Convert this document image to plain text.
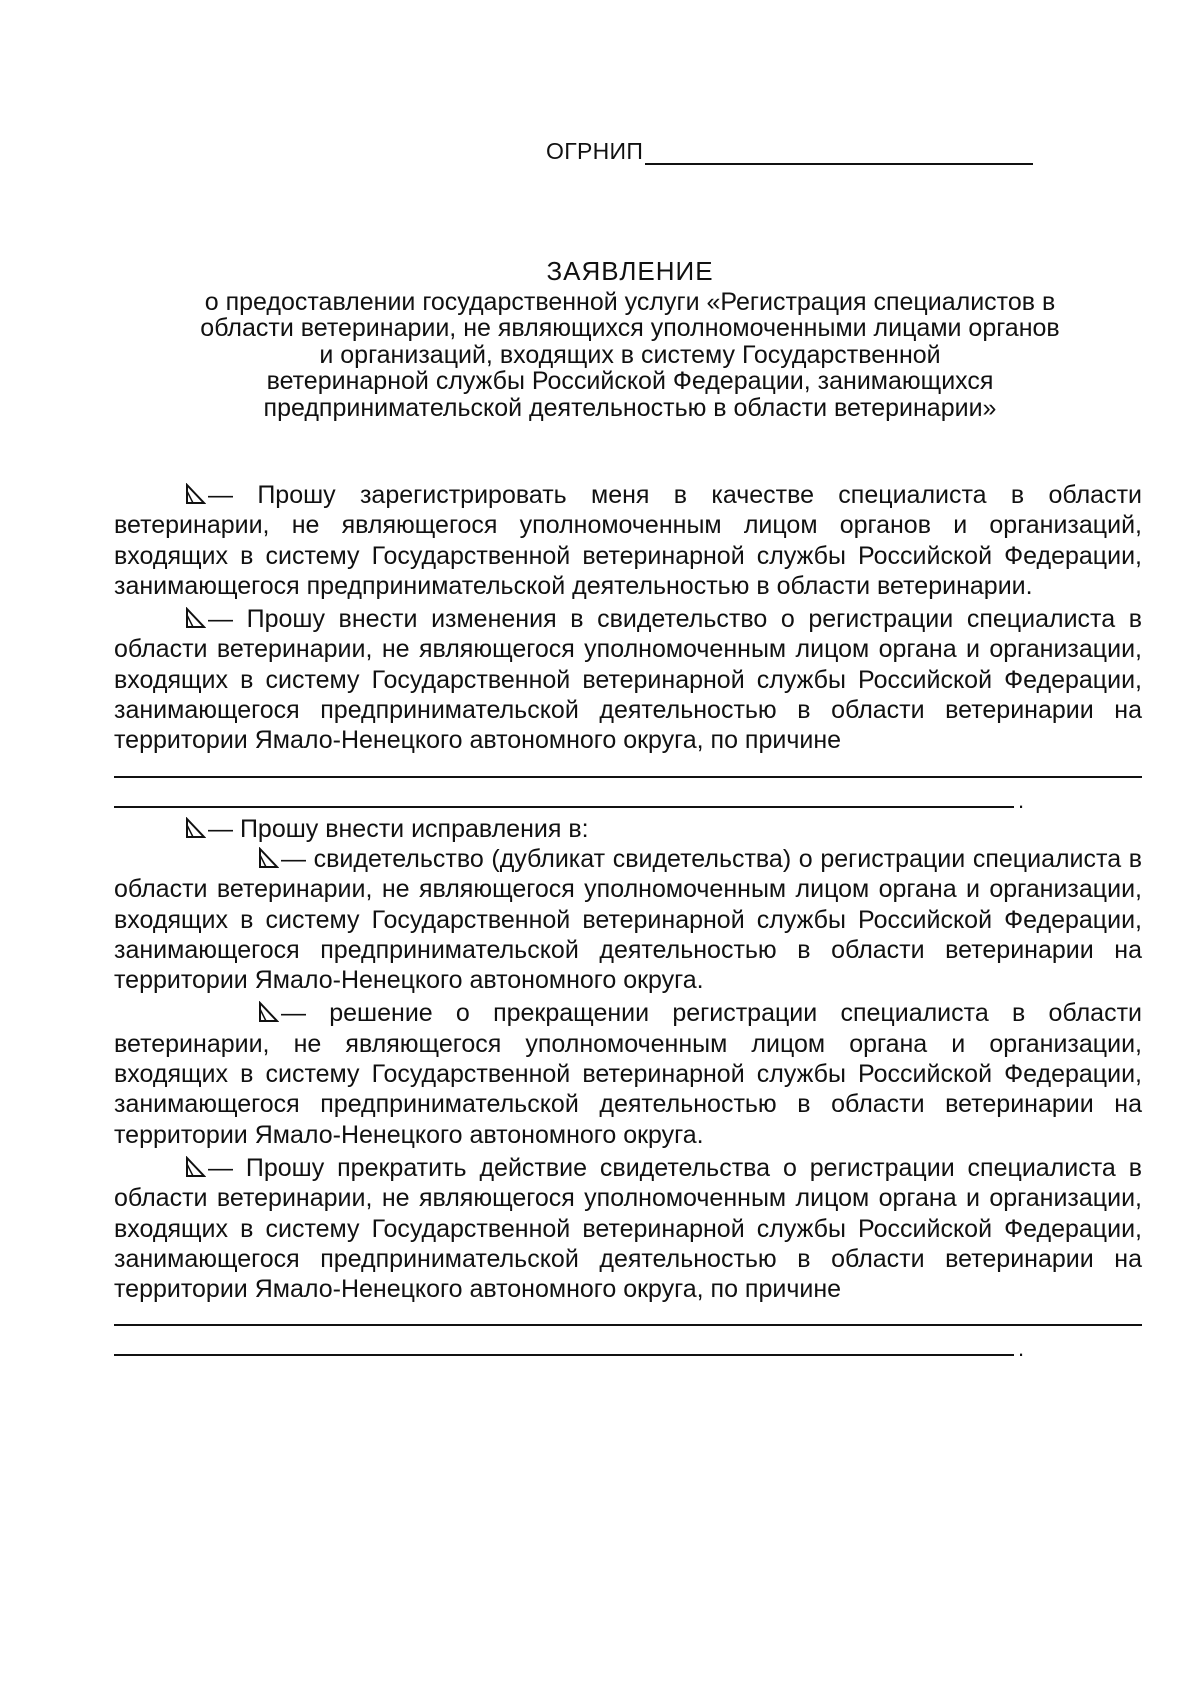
ОГРНИП
ЗАЯВЛЕНИЕ
о предоставлении государственной услуги «Регистрация специалистов в
области ветеринарии, не являющихся уполномоченными лицами органов
и организаций, входящих в систему Государственной
ветеринарной службы Российской Федерации, занимающихся
предпринимательской деятельностью в области ветеринарии»

— Прошу зарегистрировать меня в качестве специалиста в области ветеринарии, не являющегося уполномоченным лицом органов и организаций, входящих в систему Государственной ветеринарной службы Российской Федерации, занимающегося предпринимательской деятельностью в области ветеринарии.

— Прошу внести изменения в свидетельство о регистрации специалиста в области ветеринарии, не являющегося уполномоченным лицом органа и организации, входящих в систему Государственной ветеринарной службы Российской Федерации, занимающегося предпринимательской деятельностью в области ветеринарии на территории Ямало-Ненецкого автономного округа, по причине

.

— Прошу внести исправления в:

— свидетельство (дубликат свидетельства) о регистрации специалиста в области ветеринарии, не являющегося уполномоченным лицом органа и организации, входящих в систему Государственной ветеринарной службы Российской Федерации, занимающегося предпринимательской деятельностью в области ветеринарии на территории Ямало-Ненецкого автономного округа.

— решение о прекращении регистрации специалиста в области ветеринарии, не являющегося уполномоченным лицом органа и организации, входящих в систему Государственной ветеринарной службы Российской Федерации, занимающегося предпринимательской деятельностью в области ветеринарии на территории Ямало-Ненецкого автономного округа.

— Прошу прекратить действие свидетельства о регистрации специалиста в области ветеринарии, не являющегося уполномоченным лицом органа и организации, входящих в систему Государственной ветеринарной службы Российской Федерации, занимающегося предпринимательской деятельностью в области ветеринарии на территории Ямало-Ненецкого автономного округа, по причине

.
